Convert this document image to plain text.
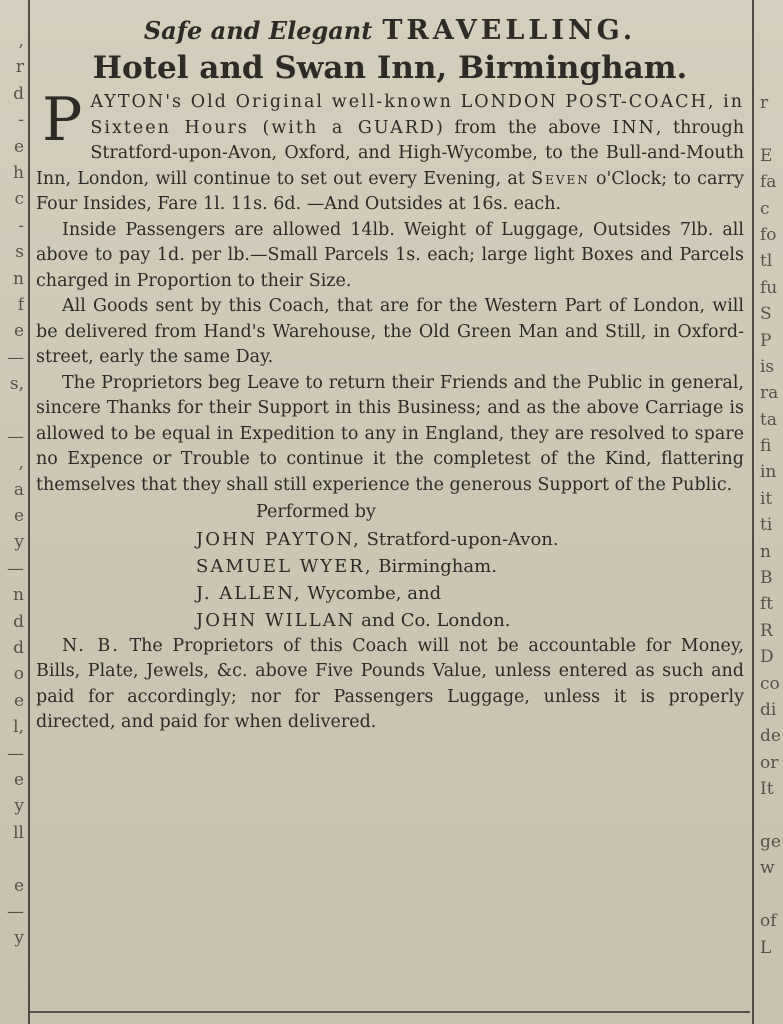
,
r
d
-
e
h
c
-
s
n
f
e
—
s,
—
,
a
e
y
—
n
d
d
o
e
l,
—
e
y
ll
e
—
y
r
E
fa
c
fo
tl
fu
S
P
is
ra
ta
fi
in
it
ti
n
B
ft
R
D
co
di
de
or
It
ge
w
of
L
Safe and Elegant TRAVELLING.
Hotel and Swan Inn, Birmingham.

PAYTON's Old Original well-known LONDON POST-COACH, in Sixteen Hours (with a GUARD) from the above INN, through Stratford-upon-Avon, Oxford, and High-Wycombe, to the Bull-and-Mouth Inn, London, will continue to set out every Evening, at Seven o'Clock; to carry Four Insides, Fare 1l. 11s. 6d. —And Outsides at 16s. each.

Inside Passengers are allowed 14lb. Weight of Luggage, Outsides 7lb. all above to pay 1d. per lb.—Small Parcels 1s. each; large light Boxes and Parcels charged in Proportion to their Size.

All Goods sent by this Coach, that are for the Western Part of London, will be delivered from Hand's Warehouse, the Old Green Man and Still, in Oxford-street, early the same Day.

The Proprietors beg Leave to return their Friends and the Public in general, sincere Thanks for their Support in this Business; and as the above Carriage is allowed to be equal in Expedition to any in England, they are resolved to spare no Expence or Trouble to continue it the completest of the Kind, flattering themselves that they shall still experience the generous Support of the Public.

Performed by
JOHN PAYTON, Stratford-upon-Avon.
SAMUEL WYER, Birmingham.
J. ALLEN, Wycombe, and
JOHN WILLAN and Co. London.

N. B. The Proprietors of this Coach will not be accountable for Money, Bills, Plate, Jewels, &c. above Five Pounds Value, unless entered as such and paid for accordingly; nor for Passengers Luggage, unless it is properly directed, and paid for when delivered.
